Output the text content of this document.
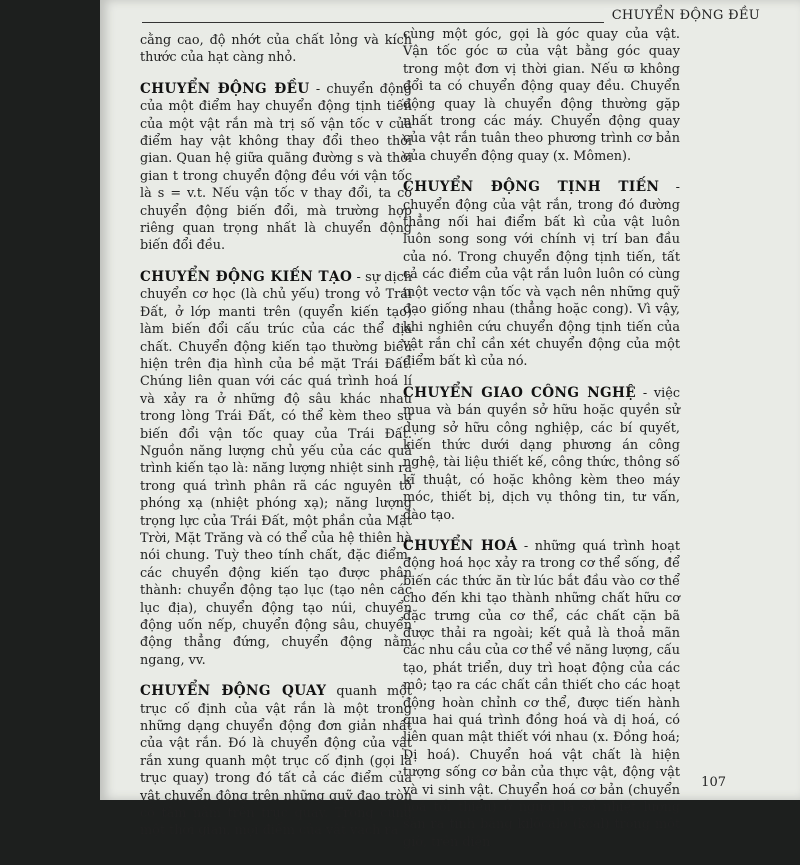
CHUYỂN ĐỘNG ĐỀU

cằng cao, độ nhớt của chất lỏng và kích thước của hạt càng nhỏ.

CHUYỂN ĐỘNG ĐỀU - chuyển động của một điểm hay chuyển động tịnh tiến của một vật rắn mà trị số vận tốc v của điểm hay vật không thay đổi theo thời gian. Quan hệ giữa quãng đường s và thời gian t trong chuyển động đều với vận tốc là s = v.t. Nếu vận tốc v thay đổi, ta có chuyển động biến đổi, mà trường hợp riêng quan trọng nhất là chuyển động biến đổi đều.

CHUYỂN ĐỘNG KIẾN TẠO - sự dịch chuyển cơ học (là chủ yếu) trong vỏ Trái Đất, ở lớp manti trên (quyển kiến tạo) làm biến đổi cấu trúc của các thể địa chất. Chuyển động kiến tạo thường biểu hiện trên địa hình của bề mặt Trái Đất. Chúng liên quan với các quá trình hoá lí và xảy ra ở những độ sâu khác nhau trong lòng Trái Đất, có thể kèm theo sự biến đổi vận tốc quay của Trái Đất. Nguồn năng lượng chủ yếu của các quá trình kiến tạo là: năng lượng nhiệt sinh ra trong quá trình phân rã các nguyên tố phóng xạ (nhiệt phóng xạ); năng lượng trọng lực của Trái Đất, một phần của Mặt Trời, Mặt Trăng và có thể của hệ thiên hà nói chung. Tuỳ theo tính chất, đặc điểm, các chuyển động kiến tạo được phân thành: chuyển động tạo lục (tạo nên các lục địa), chuyển động tạo núi, chuyển động uốn nếp, chuyển động sâu, chuyển động thẳng đứng, chuyển động nằm ngang, vv.

CHUYỂN ĐỘNG QUAY quanh một trục cố định của vật rắn là một trong những dạng chuyển động đơn giản nhất của vật rắn. Đó là chuyển động của vật rắn xung quanh một trục cố định (gọi là trục quay) trong đó tất cả các điểm của vật chuyển động trên những quỹ đạo tròn có tâm nằm trên trục quay. Trong cùng một thời gian, mọi điểm của vật vạch ra

cùng một góc, gọi là góc quay của vật. Vận tốc góc ϖ của vật bằng góc quay trong một đơn vị thời gian. Nếu ϖ không đổi ta có chuyển động quay đều. Chuyển động quay là chuyển động thường gặp nhất trong các máy. Chuyển động quay của vật rắn tuân theo phương trình cơ bản của chuyển động quay (x. Mômen).

CHUYỂN ĐỘNG TỊNH TIẾN - chuyển động của vật rắn, trong đó đường thẳng nối hai điểm bất kì của vật luôn luôn song song với chính vị trí ban đầu của nó. Trong chuyển động tịnh tiến, tất cả các điểm của vật rắn luôn luôn có cùng một vectơ vận tốc và vạch nên những quỹ đạo giống nhau (thẳng hoặc cong). Vì vậy, khi nghiên cứu chuyển động tịnh tiến của vật rắn chỉ cần xét chuyển động của một điểm bất kì của nó.

CHUYỂN GIAO CÔNG NGHỆ - việc mua và bán quyền sở hữu hoặc quyền sử dụng sở hữu công nghiệp, các bí quyết, kiến thức dưới dạng phương án công nghệ, tài liệu thiết kế, công thức, thông số kĩ thuật, có hoặc không kèm theo máy móc, thiết bị, dịch vụ thông tin, tư vấn, đào tạo.

CHUYỂN HOÁ - những quá trình hoạt động hoá học xảy ra trong cơ thể sống, để biến các thức ăn từ lúc bắt đầu vào cơ thể cho đến khi tạo thành những chất hữu cơ đặc trưng của cơ thể, các chất cặn bã được thải ra ngoài; kết quả là thoả mãn các nhu cầu của cơ thể về năng lượng, cấu tạo, phát triển, duy trì hoạt động của các mô; tạo ra các chất cần thiết cho các hoạt động hoàn chỉnh cơ thể, được tiến hành qua hai quá trình đồng hoá và dị hoá, có liên quan mật thiết với nhau (x. Đồng hoá; Dị hoá). Chuyển hoá vật chất là hiện tượng sống cơ bản của thực vật, động vật và vi sinh vật. Chuyển hoá cơ bản (chuyển hoá tối thiểu) ở người là số nhiệt lượng sản ra tính bằng kilôcalo (kcal) trong một giờ, trên diện

107
